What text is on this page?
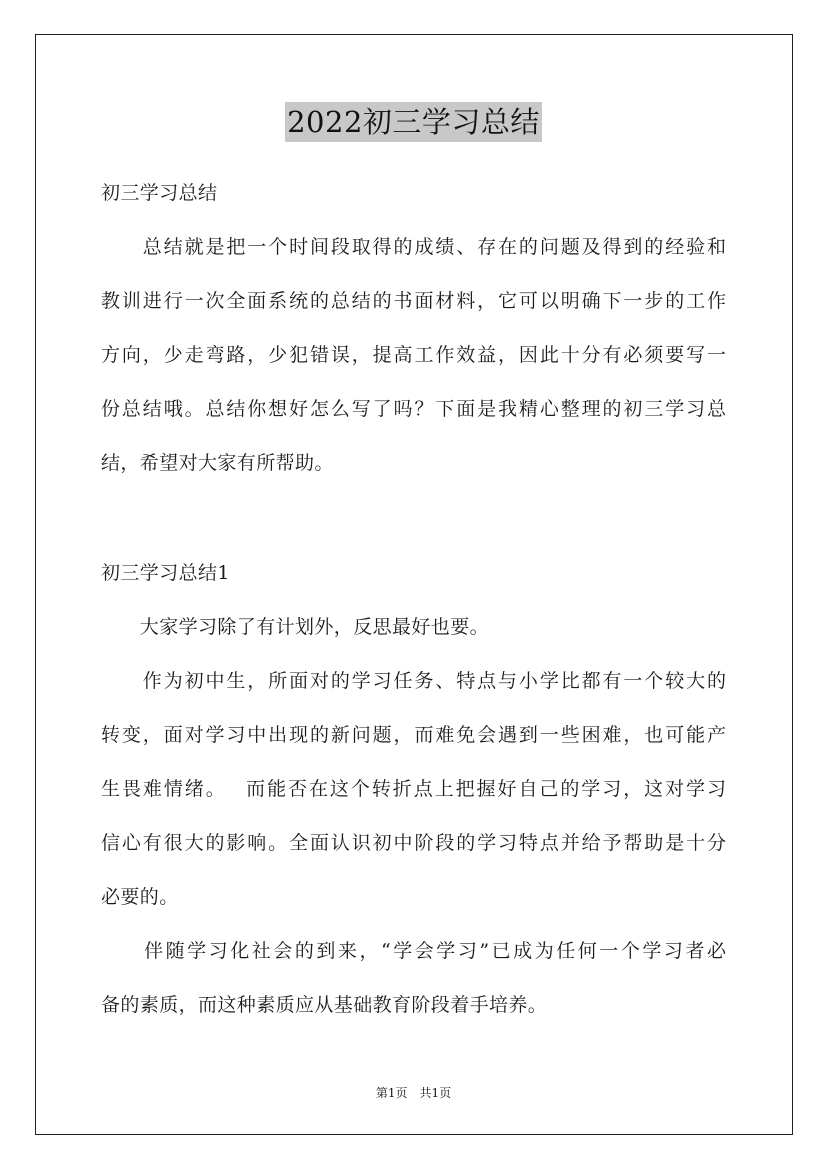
2022初三学习总结
初三学习总结
　　总结就是把一个时间段取得的成绩、存在的问题及得到的经验和
教训进行一次全面系统的总结的书面材料，它可以明确下一步的工作
方向，少走弯路，少犯错误，提高工作效益，因此十分有必须要写一
份总结哦。总结你想好怎么写了吗？下面是我精心整理的初三学习总
结，希望对大家有所帮助。
初三学习总结1
　　大家学习除了有计划外，反思最好也要。
　　作为初中生，所面对的学习任务、特点与小学比都有一个较大的
转变，面对学习中出现的新问题，而难免会遇到一些困难，也可能产
生畏难情绪。　 而能否在这个转折点上把握好自己的学习，这对学习
信心有很大的影响。全面认识初中阶段的学习特点并给予帮助是十分
必要的。
　　伴随学习化社会的到来，“学会学习”已成为任何一个学习者必
备的素质，而这种素质应从基础教育阶段着手培养。
第1页　共1页
